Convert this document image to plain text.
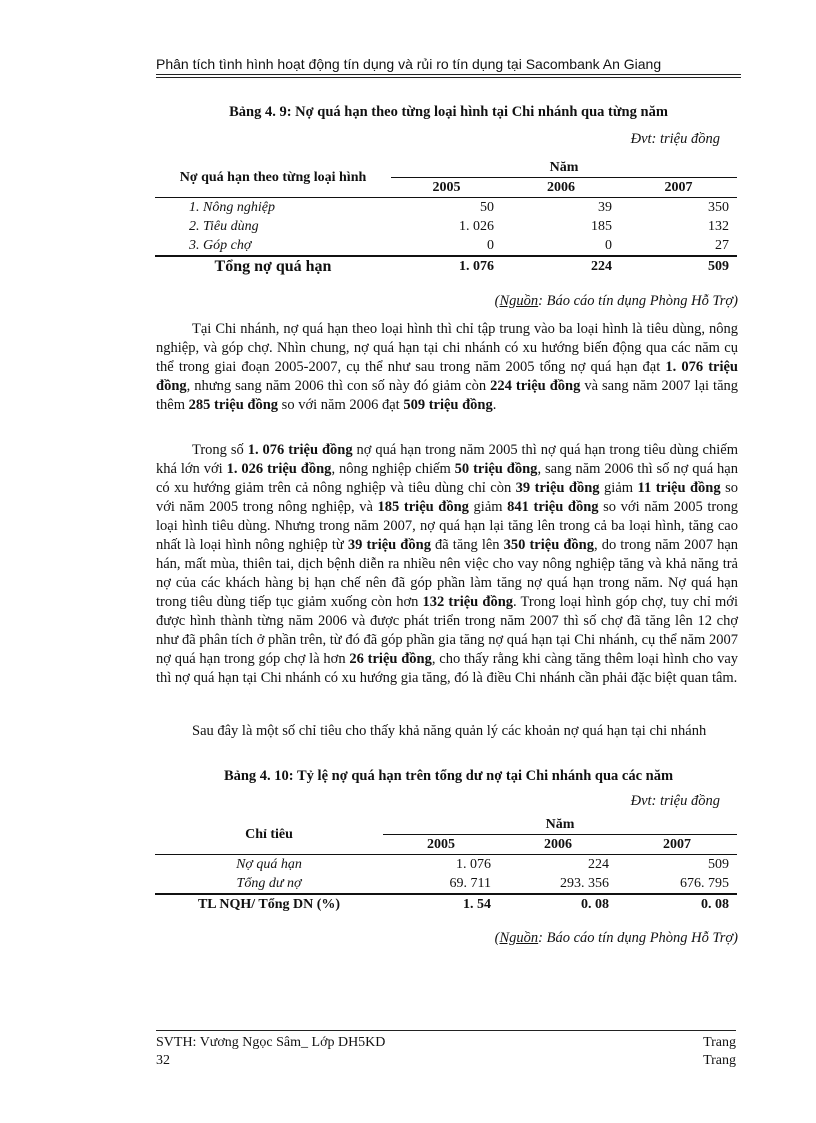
Phân tích tình hình hoạt động tín dụng và rủi ro tín dụng tại Sacombank An Giang
Bảng 4. 9: Nợ quá hạn theo từng loại hình tại Chi nhánh qua từng năm
Đvt: triệu đồng
Nợ quá hạn theo từng loại hình	Năm		
	2005	2006	2007
1. Nông nghiệp	50	39	350
2. Tiêu dùng	1. 026	185	132
3. Góp chợ	0	0	27
Tổng nợ quá hạn	1. 076	224	509
(Nguồn: Báo cáo tín dụng Phòng Hỗ Trợ)

Tại Chi nhánh, nợ quá hạn theo loại hình thì chỉ tập trung vào ba loại hình là tiêu dùng, nông nghiệp, và góp chợ. Nhìn chung, nợ quá hạn tại chi nhánh có xu hướng biến động qua các năm cụ thể trong giai đoạn 2005-2007, cụ thể như sau trong năm 2005 tổng nợ quá hạn đạt 1. 076 triệu đồng, nhưng sang năm 2006 thì con số này đó giảm còn 224 triệu đồng và sang năm 2007 lại tăng thêm 285 triệu đồng so với năm 2006 đạt 509 triệu đồng.

Trong số 1. 076 triệu đồng nợ quá hạn trong năm 2005 thì nợ quá hạn trong tiêu dùng chiếm khá lớn với 1. 026 triệu đồng, nông nghiệp chiếm 50 triệu đồng, sang năm 2006 thì số nợ quá hạn có xu hướng giảm trên cả nông nghiệp và tiêu dùng chỉ còn 39 triệu đồng giảm 11 triệu đồng so với năm 2005 trong nông nghiệp, và 185 triệu đồng giảm 841 triệu đồng so với năm 2005 trong loại hình tiêu dùng. Nhưng trong năm 2007, nợ quá hạn lại tăng lên trong cả ba loại hình, tăng cao nhất là loại hình nông nghiệp từ 39 triệu đồng đã tăng lên 350 triệu đồng, do trong năm 2007 hạn hán, mất mùa, thiên tai, dịch bệnh diễn ra nhiều nên việc cho vay nông nghiệp tăng và khả năng trả nợ của các khách hàng bị hạn chế nên đã góp phần làm tăng nợ quá hạn trong năm. Nợ quá hạn trong tiêu dùng tiếp tục giảm xuống còn hơn 132 triệu đồng. Trong loại hình góp chợ, tuy chỉ mới được hình thành từng năm 2006 và được phát triển trong năm 2007 thì số chợ đã tăng lên 12 chợ như đã phân tích ở phần trên, từ đó đã góp phần gia tăng nợ quá hạn tại Chi nhánh, cụ thể năm 2007 nợ quá hạn trong góp chợ là hơn 26 triệu đồng, cho thấy rằng khi càng tăng thêm loại hình cho vay thì nợ quá hạn tại Chi nhánh có xu hướng gia tăng, đó là điều Chi nhánh cần phải đặc biệt quan tâm.

Sau đây là một số chỉ tiêu cho thấy khả năng quản lý các khoản nợ quá hạn tại chi nhánh

Bảng 4. 10: Tỷ lệ nợ quá hạn trên tổng dư nợ tại Chi nhánh qua các năm
Đvt: triệu đồng
Chỉ tiêu	Năm		
	2005	2006	2007
Nợ quá hạn	1. 076	224	509
Tổng dư nợ	69. 711	293. 356	676. 795
TL NQH/ Tổng DN (%)	1. 54	0. 08	0. 08
(Nguồn: Báo cáo tín dụng Phòng Hỗ Trợ)
SVTH: Vương Ngọc Sâm_ Lớp DH5KD	Trang
32	Trang
